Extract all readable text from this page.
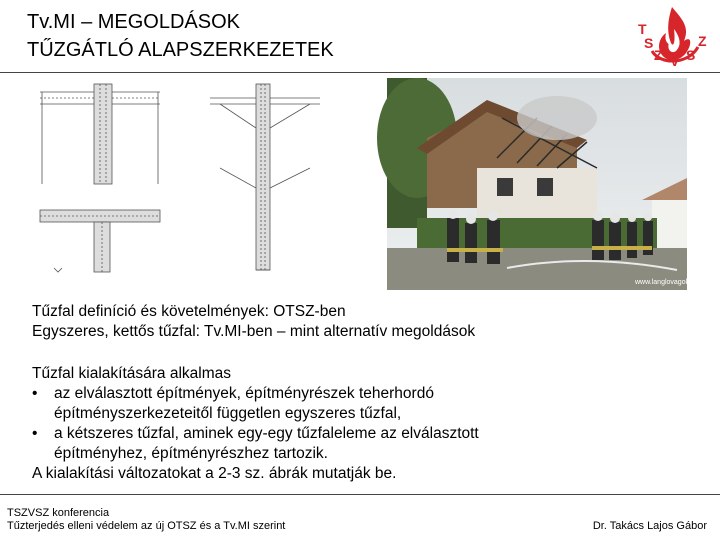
Tv.MI – MEGOLDÁSOK
TŰZGÁTLÓ ALAPSZERKEZETEK
T
S
Z V S
Z
www.langlovagok.hu
Tűzfal definíció és követelmények: OTSZ-ben
Egyszeres, kettős tűzfal: Tv.MI-ben – mint alternatív megoldások
Tűzfal kialakítására alkalmas
• az elválasztott építmények, építményrészek teherhordó
építményszerkezeteitől független egyszeres tűzfal,
• a kétszeres tűzfal, aminek egy-egy tűzfaleleme az elválasztott
építményhez, építményrészhez tartozik.
A kialakítási változatokat a 2-3 sz. ábrák mutatják be.
TSZVSZ konferencia
Tűzterjedés elleni védelem az új OTSZ és a Tv.MI szerint	Dr. Takács Lajos Gábor
